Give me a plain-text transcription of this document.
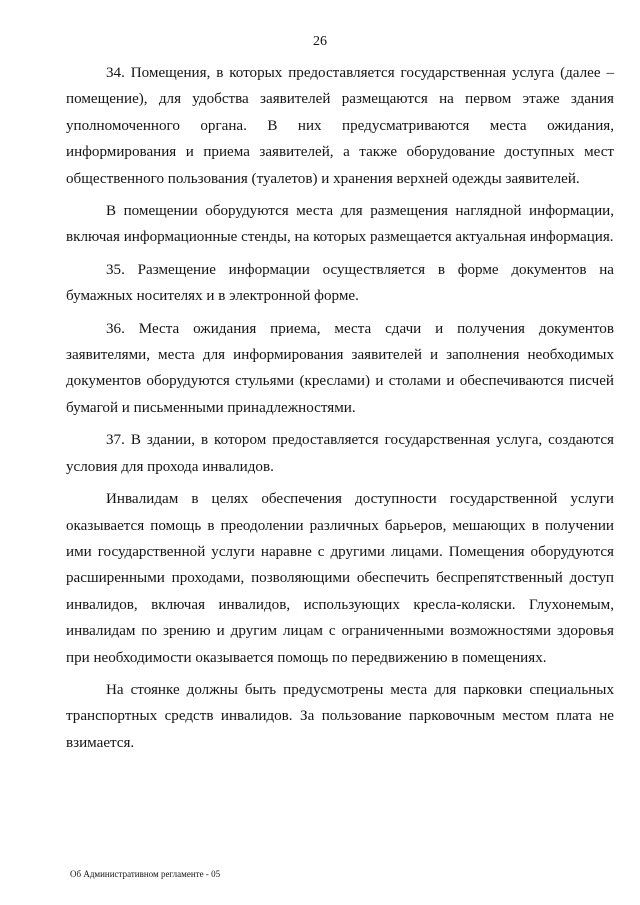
26

34. Помещения, в которых предоставляется государственная услуга (далее – помещение), для удобства заявителей размещаются на первом этаже здания уполномоченного органа. В них предусматриваются места ожидания, информирования и приема заявителей, а также оборудование доступных мест общественного пользования (туалетов) и хранения верхней одежды заявителей.

В помещении оборудуются места для размещения наглядной информации, включая информационные стенды, на которых размещается актуальная информация.

35. Размещение информации осуществляется в форме документов на бумажных носителях и в электронной форме.

36. Места ожидания приема, места сдачи и получения документов заявителями, места для информирования заявителей и заполнения необходимых документов оборудуются стульями (креслами) и столами и обеспечиваются писчей бумагой и письменными принадлежностями.

37. В здании, в котором предоставляется государственная услуга, создаются условия для прохода инвалидов.

Инвалидам в целях обеспечения доступности государственной услуги оказывается помощь в преодолении различных барьеров, мешающих в получении ими государственной услуги наравне с другими лицами. Помещения оборудуются расширенными проходами, позволяющими обеспечить беспрепятственный доступ инвалидов, включая инвалидов, использующих кресла-коляски. Глухонемым, инвалидам по зрению и другим лицам с ограниченными возможностями здоровья при необходимости оказывается помощь по передвижению в помещениях.

На стоянке должны быть предусмотрены места для парковки специальных транспортных средств инвалидов. За пользование парковочным местом плата не взимается.

Об Административном регламенте - 05
